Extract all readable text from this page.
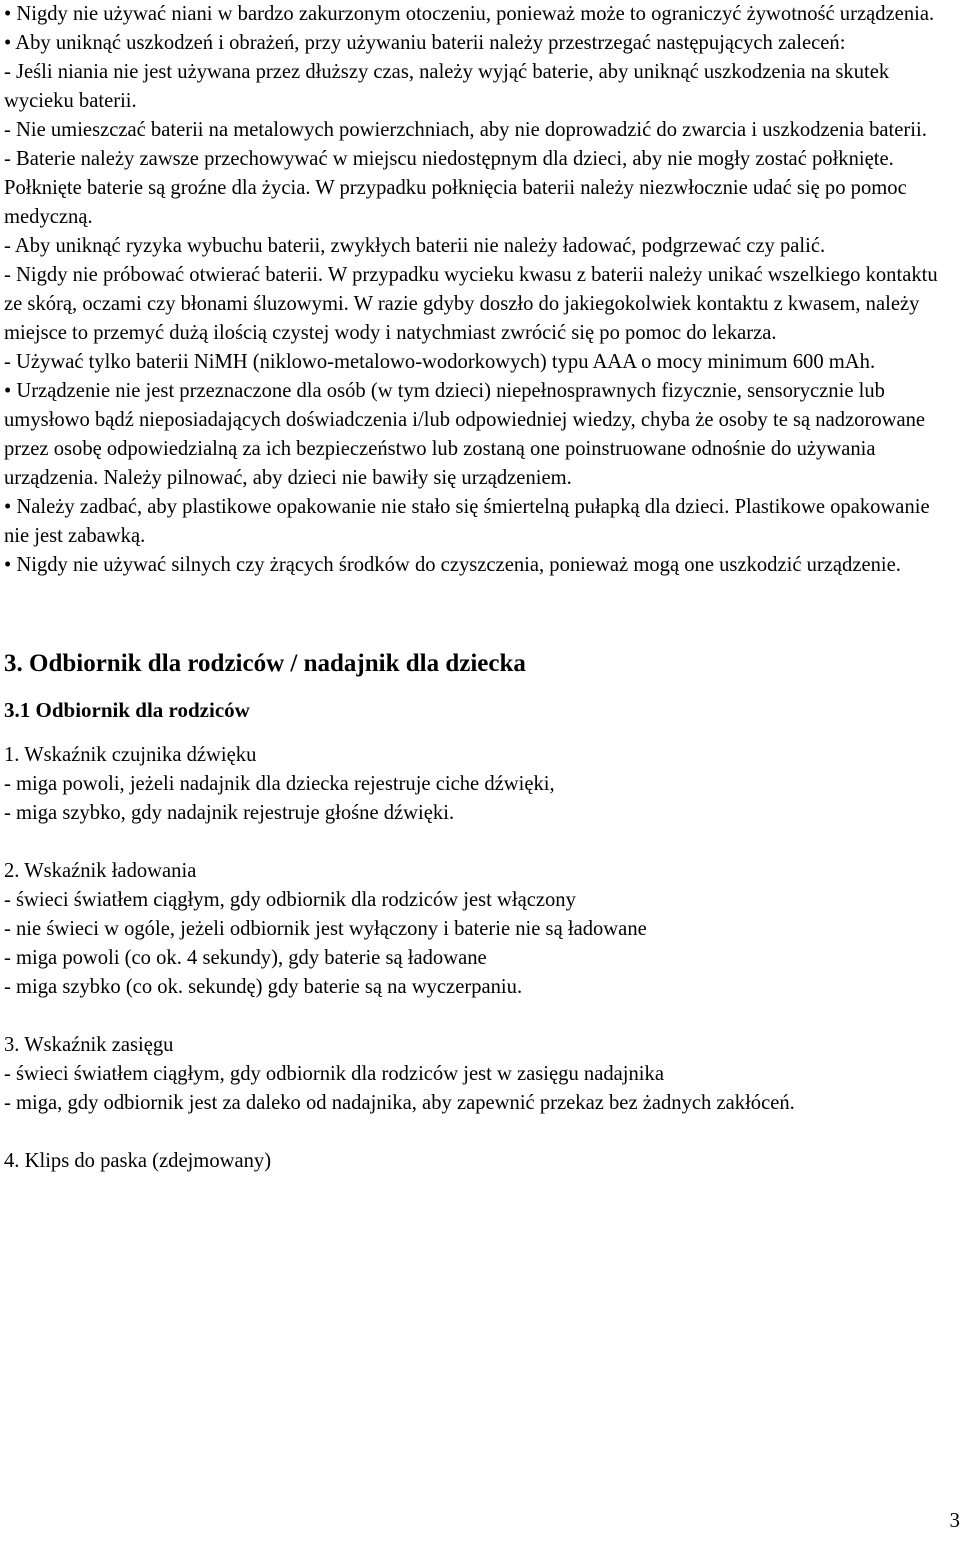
• Nigdy nie używać niani w bardzo zakurzonym otoczeniu, ponieważ może to ograniczyć żywotność urządzenia.

• Aby uniknąć uszkodzeń i obrażeń, przy używaniu baterii należy przestrzegać następujących zaleceń:

- Jeśli niania nie jest używana przez dłuższy czas, należy wyjąć baterie, aby uniknąć uszkodzenia na skutek wycieku baterii.

- Nie umieszczać baterii na metalowych powierzchniach, aby nie doprowadzić do zwarcia i uszkodzenia baterii.

- Baterie należy zawsze przechowywać w miejscu niedostępnym dla dzieci, aby nie mogły zostać połknięte. Połknięte baterie są groźne dla życia. W przypadku połknięcia baterii należy niezwłocznie udać się po pomoc medyczną.

- Aby uniknąć ryzyka wybuchu baterii, zwykłych baterii nie należy ładować, podgrzewać czy palić.

- Nigdy nie próbować otwierać baterii. W przypadku wycieku kwasu z baterii należy unikać wszelkiego kontaktu ze skórą, oczami czy błonami śluzowymi. W razie gdyby doszło do jakiegokolwiek kontaktu z kwasem, należy miejsce to przemyć dużą ilością czystej wody i natychmiast zwrócić się po pomoc do lekarza.

- Używać tylko baterii NiMH (niklowo-metalowo-wodorkowych) typu AAA o mocy minimum 600 mAh.

• Urządzenie nie jest przeznaczone dla osób (w tym dzieci) niepełnosprawnych fizycznie, sensorycznie lub umysłowo bądź nieposiadających doświadczenia i/lub odpowiedniej wiedzy, chyba że osoby te są nadzorowane przez osobę odpowiedzialną za ich bezpieczeństwo lub zostaną one poinstruowane odnośnie do używania urządzenia. Należy pilnować, aby dzieci nie bawiły się urządzeniem.

• Należy zadbać, aby plastikowe opakowanie nie stało się śmiertelną pułapką dla dzieci. Plastikowe opakowanie nie jest zabawką.

• Nigdy nie używać silnych czy żrących środków do czyszczenia, ponieważ mogą one uszkodzić urządzenie.

3. Odbiornik dla rodziców / nadajnik dla dziecka
3.1 Odbiornik dla rodziców

1. Wskaźnik czujnika dźwięku

- miga powoli, jeżeli nadajnik dla dziecka rejestruje ciche dźwięki,

- miga szybko, gdy nadajnik rejestruje głośne dźwięki.

2. Wskaźnik ładowania

- świeci światłem ciągłym, gdy odbiornik dla rodziców jest włączony

- nie świeci w ogóle, jeżeli odbiornik jest wyłączony i baterie nie są ładowane

- miga powoli (co ok. 4 sekundy), gdy baterie są ładowane

- miga szybko (co ok. sekundę) gdy baterie są na wyczerpaniu.

3. Wskaźnik zasięgu

- świeci światłem ciągłym, gdy odbiornik dla rodziców jest w zasięgu nadajnika

- miga, gdy odbiornik jest za daleko od nadajnika, aby zapewnić przekaz bez żadnych zakłóceń.

4. Klips do paska (zdejmowany)

3
